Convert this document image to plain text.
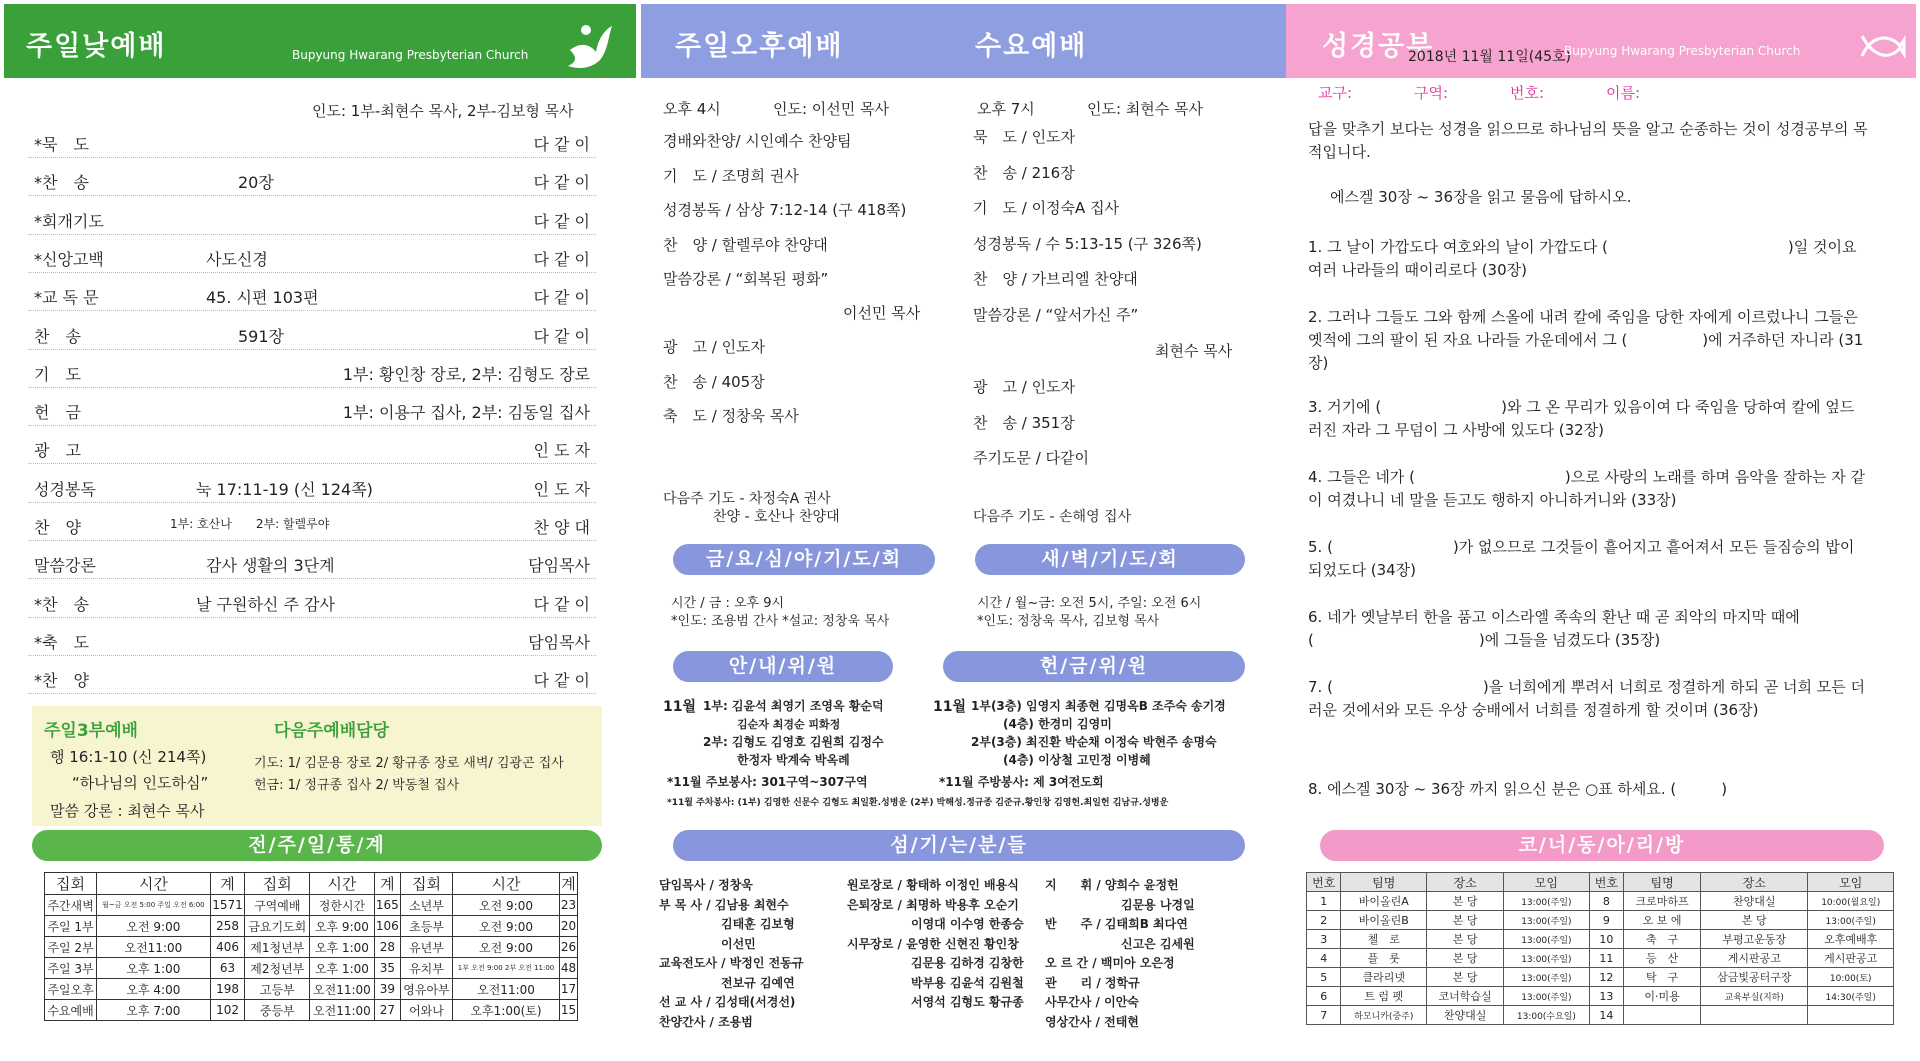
주일낮예배	Bupyung Hwarang Presbyterian Church
인도: 1부-최현수 목사, 2부-김보형 목사
*묵　도	다 같 이
*찬　송	20장	다 같 이
*회개기도	다 같 이
*신앙고백	사도신경	다 같 이
*교 독 문	45. 시편 103편	다 같 이
찬　송	591장	다 같 이
기　도	1부: 황인창 장로, 2부: 김형도 장로
헌　금	1부: 이용구 집사, 2부: 김동일 집사
광　고	인 도 자
성경봉독	눅 17:11-19 (신 124쪽)	인 도 자
찬　양	1부: 호산나　　2부: 할렐루야	찬 양 대
말씀강론	감사 생활의 3단계	담임목사
*찬　송	날 구원하신 주 감사	다 같 이
*축　도	담임목사
*찬　양	다 같 이
주일3부예배
행 16:1-10 (신 214쪽)
“하나님의 인도하심”
말씀 강론 : 최현수 목사
다음주예배담당
기도: 1/ 김문용 장로 2/ 황규종 장로 새벽/ 김광곤 집사
헌금: 1/ 정규종 집사 2/ 박동철 집사
전/주/일/통/계
집회	시간	계	집회	시간	계	집회	시간	계
주간새벽	월~금 오전 5:00 주일 오전 6:00	1571	구역예배	정한시간	165	소년부	오전 9:00	23
주일 1부	오전 9:00	258	금요기도회	오후 9:00	106	초등부	오전 9:00	20
주일 2부	오전11:00	406	제1청년부	오후 1:00	28	유년부	오전 9:00	26
주일 3부	오후 1:00	63	제2청년부	오후 1:00	35	유치부	1부 오전 9:00 2부 오전 11:00	48
주일오후	오후 4:00	198	고등부	오전11:00	39	영유아부	오전11:00	17
수요예배	오후 7:00	102	중등부	오전11:00	27	어와나	오후1:00(토)	15
주일오후예배	수요예배
오후 4시	인도: 이선민 목사
경배와찬양/ 시인예수 찬양팀
기　도 / 조명희 권사
성경봉독 / 삼상 7:12-14 (구 418쪽)
찬　양 / 할렐루야 찬양대
말씀강론 / “회복된 평화”
이선민 목사
광　고 / 인도자
찬　송 / 405장
축　도 / 정창욱 목사
다음주 기도 - 차정숙A 권사
찬양 - 호산나 찬양대
오후 7시	인도: 최현수 목사
묵　도 / 인도자
찬　송 / 216장
기　도 / 이정숙A 집사
성경봉독 / 수 5:13-15 (구 326쪽)
찬　양 / 가브리엘 찬양대
말씀강론 / “앞서가신 주”
최현수 목사
광　고 / 인도자
찬　송 / 351장
주기도문 / 다같이
다음주 기도 - 손해영 집사
금/요/심/야/기/도/회
시간 / 금 : 오후 9시
*인도: 조용범 간사 *설교: 정창욱 목사
새/벽/기/도/회
시간 / 월~금: 오전 5시, 주일: 오전 6시
*인도: 정창욱 목사, 김보형 목사
안/내/위/원
11월 1부: 김윤석 최영기 조영옥 황순덕
김순자 최경순 피화정
2부: 김형도 김영호 김원희 김정수
한정자 박계숙 박옥례
*11월 주보봉사: 301구역~307구역
*11월 주차봉사: (1부) 김영한 신문수 김형도 최일환.성병운 (2부) 박해성.정규종 김준규.황인창 김영헌.최일헌 김남규.성병운
헌/금/위/원
11월 1부(3층) 임영지 최종현 김명옥B 조주숙 송기경
(4층) 한경미 김영미
2부(3층) 최진환 박순채 이정숙 박현주 송명숙
(4층) 이상철 고민정 이병혜
*11월 주방봉사: 제 3여전도회
섬/기/는/분/들
담임목사 / 정창욱
부 목 사 / 김남용 최현수
김태훈 김보형
이선민
교육전도사 / 박정인 전동규
전보규 김예연
선 교 사 / 김성태(서경선)
찬양간사 / 조용범
원로장로 / 황태하 이정인 배용식
은퇴장로 / 최명하 박용후 오순기
이영대 이수영 한종승
시무장로 / 윤영한 신현진 황인창
김문용 김하경 김창한
박부용 김윤석 김원철
서영석 김형도 황규종
지　　휘 / 양희수 윤정헌
김문용 나경일
반　　주 / 김태희B 최다연
신고은 김세원
오 르 간 / 백미아 오은정
관　　리 / 정학규
사무간사 / 이안숙
영상간사 / 전태현
성경공부
2018년 11월 11일(45호)
Bupyung Hwarang Presbyterian Church
교구:	구역:	번호:	이름:
답을 맞추기 보다는 성경을 읽으므로 하나님의 뜻을 알고 순종하는 것이 성경공부의 목적입니다.
에스겔 30장 ~ 36장을 읽고 물음에 답하시오.
1. 그 날이 가깝도다 여호와의 날이 가깝도다 (　　　　　　　　　　　　)일 것이요 여러 나라들의 때이리로다 (30장)
2. 그러나 그들도 그와 함께 스올에 내려 칼에 죽임을 당한 자에게 이르렀나니 그들은 옛적에 그의 팔이 된 자요 나라들 가운데에서 그 (　　　　　)에 거주하던 자니라 (31장)
3. 거기에 (　　　　　　　　)와 그 온 무리가 있음이여 다 죽임을 당하여 칼에 엎드러진 자라 그 무덤이 그 사방에 있도다 (32장)
4. 그들은 네가 (　　　　　　　　　　)으로 사랑의 노래를 하며 음악을 잘하는 자 같이 여겼나니 네 말을 듣고도 행하지 아니하거니와 (33장)
5. (　　　　　　　　)가 없으므로 그것들이 흩어지고 흩어져서 모든 들짐승의 밥이 되었도다 (34장)
6. 네가 옛날부터 한을 품고 이스라엘 족속의 환난 때 곧 죄악의 마지막 때에 (　　　　　　　　　　　)에 그들을 넘겼도다 (35장)
7. (　　　　　　　　　　)을 너희에게 뿌려서 너희로 정결하게 하되 곧 너희 모든 더러운 것에서와 모든 우상 숭배에서 너희를 정결하게 할 것이며 (36장)
8. 에스겔 30장 ~ 36장 까지 읽으신 분은 ○표 하세요. (　　　)
코/너/동/아/리/방
번호	팀명	장소	모임	번호	팀명	장소	모임
1	바이올린A	본 당	13:00(주일)	8	크로마하프	찬양대실	10:00(월요일)
2	바이올린B	본 당	13:00(주일)	9	오 보 에	본 당	13:00(주일)
3	첼　로	본 당	13:00(주일)	10	축　구	부평고운동장	오후예배후
4	플　룻	본 당	13:00(주일)	11	등　산	게시판공고	게시판공고
5	클라리넷	본 당	13:00(주일)	12	탁　구	삼금빛공터구장	10:00(토)
6	트 럼 펫	코너학습실	13:00(주일)	13	이·미용	교육부실(지하)	14:30(주일)
7	하모니카(중주)	찬양대실	13:00(수요일)	14			
